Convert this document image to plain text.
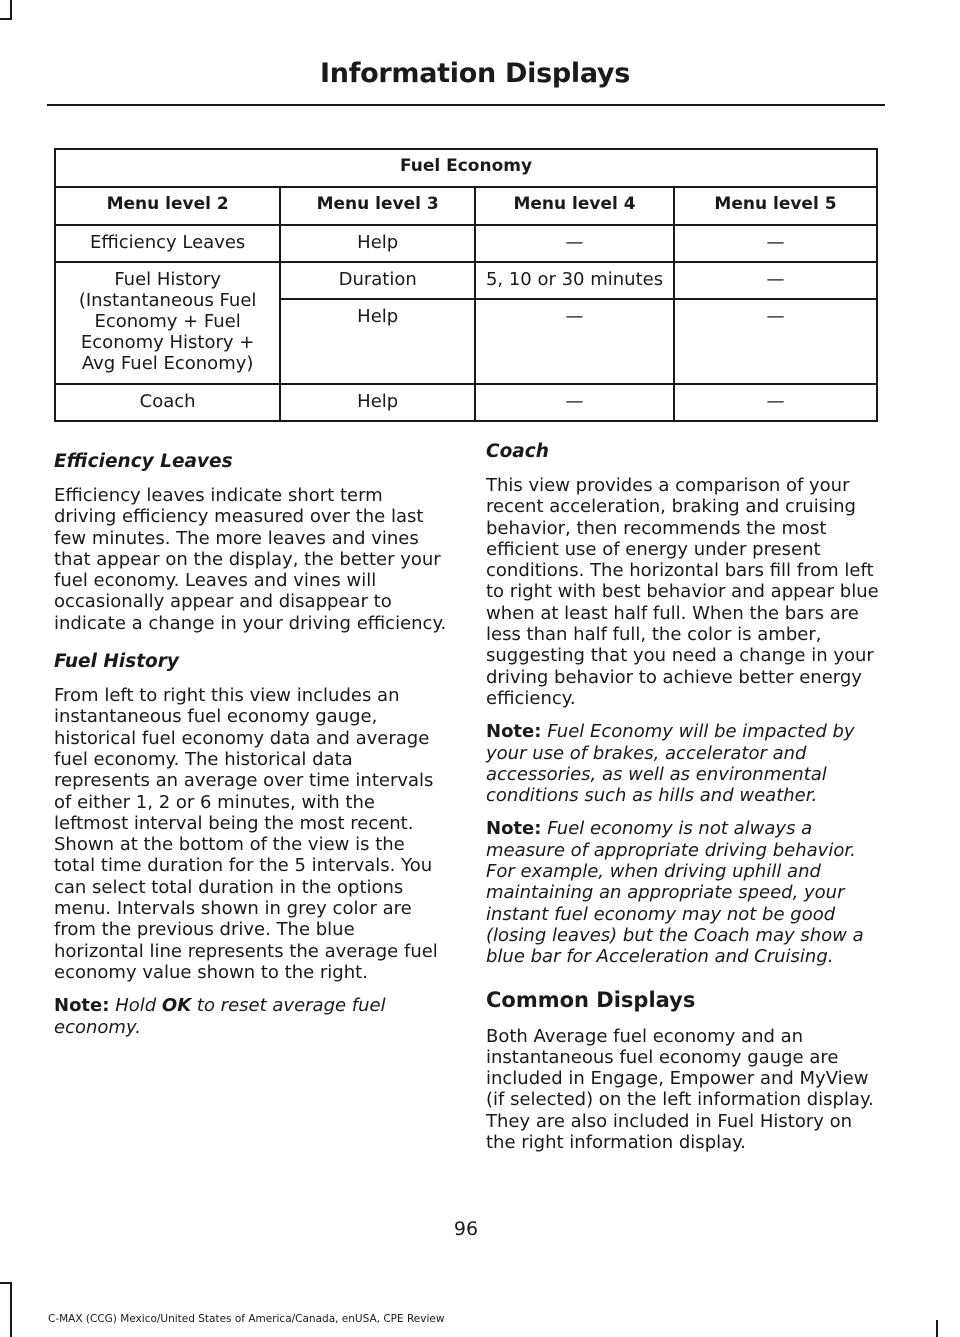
Information Displays
Fuel Economy			
Menu level 2	Menu level 3	Menu level 4	Menu level 5
Efficiency Leaves	Help	—	—
Fuel History (Instantaneous Fuel Economy + Fuel Economy History + Avg Fuel Economy)	Duration	5, 10 or 30 minutes	—
	Help	—	—
Coach	Help	—	—
Efficiency Leaves
Efficiency leaves indicate short term driving efficiency measured over the last few minutes. The more leaves and vines that appear on the display, the better your fuel economy. Leaves and vines will occasionally appear and disappear to indicate a change in your driving efficiency.
Fuel History
From left to right this view includes an instantaneous fuel economy gauge, historical fuel economy data and average fuel economy. The historical data represents an average over time intervals of either 1, 2 or 6 minutes, with the leftmost interval being the most recent. Shown at the bottom of the view is the total time duration for the 5 intervals. You can select total duration in the options menu. Intervals shown in grey color are from the previous drive. The blue horizontal line represents the average fuel economy value shown to the right.
Note: Hold OK to reset average fuel economy.
Coach
This view provides a comparison of your recent acceleration, braking and cruising behavior, then recommends the most efficient use of energy under present conditions. The horizontal bars fill from left to right with best behavior and appear blue when at least half full. When the bars are less than half full, the color is amber, suggesting that you need a change in your driving behavior to achieve better energy efficiency.
Note: Fuel Economy will be impacted by your use of brakes, accelerator and accessories, as well as environmental conditions such as hills and weather.
Note: Fuel economy is not always a measure of appropriate driving behavior. For example, when driving uphill and maintaining an appropriate speed, your instant fuel economy may not be good (losing leaves) but the Coach may show a blue bar for Acceleration and Cruising.
Common Displays
Both Average fuel economy and an instantaneous fuel economy gauge are included in Engage, Empower and MyView (if selected) on the left information display. They are also included in Fuel History on the right information display.
96
C-MAX (CCG) Mexico/United States of America/Canada, enUSA, CPE Review
